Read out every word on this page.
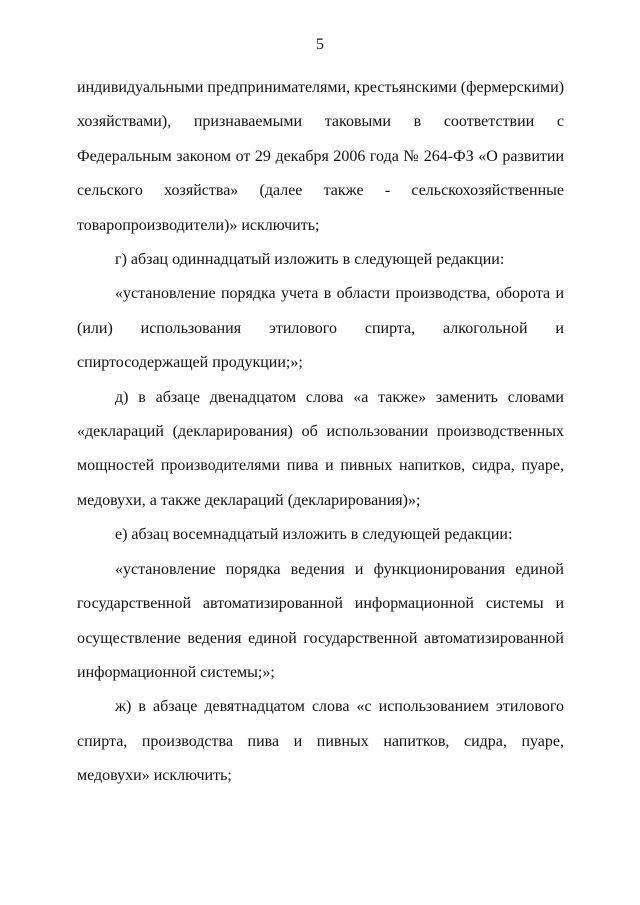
5

индивидуальными предпринимателями, крестьянскими (фермерскими) хозяйствами), признаваемыми таковыми в соответствии с Федеральным законом от 29 декабря 2006 года № 264-ФЗ «О развитии сельского хозяйства» (далее также - сельскохозяйственные товаропроизводители)» исключить;

г) абзац одиннадцатый изложить в следующей редакции:

«установление порядка учета в области производства, оборота и (или) использования этилового спирта, алкогольной и спиртосодержащей продукции;»;

д) в абзаце двенадцатом слова «а также» заменить словами «деклараций (декларирования) об использовании производственных мощностей производителями пива и пивных напитков, сидра, пуаре, медовухи, а также деклараций (декларирования)»;

е) абзац восемнадцатый изложить в следующей редакции:

«установление порядка ведения и функционирования единой государственной автоматизированной информационной системы и осуществление ведения единой государственной автоматизированной информационной системы;»;

ж) в абзаце девятнадцатом слова «с использованием этилового спирта, производства пива и пивных напитков, сидра, пуаре, медовухи» исключить;
